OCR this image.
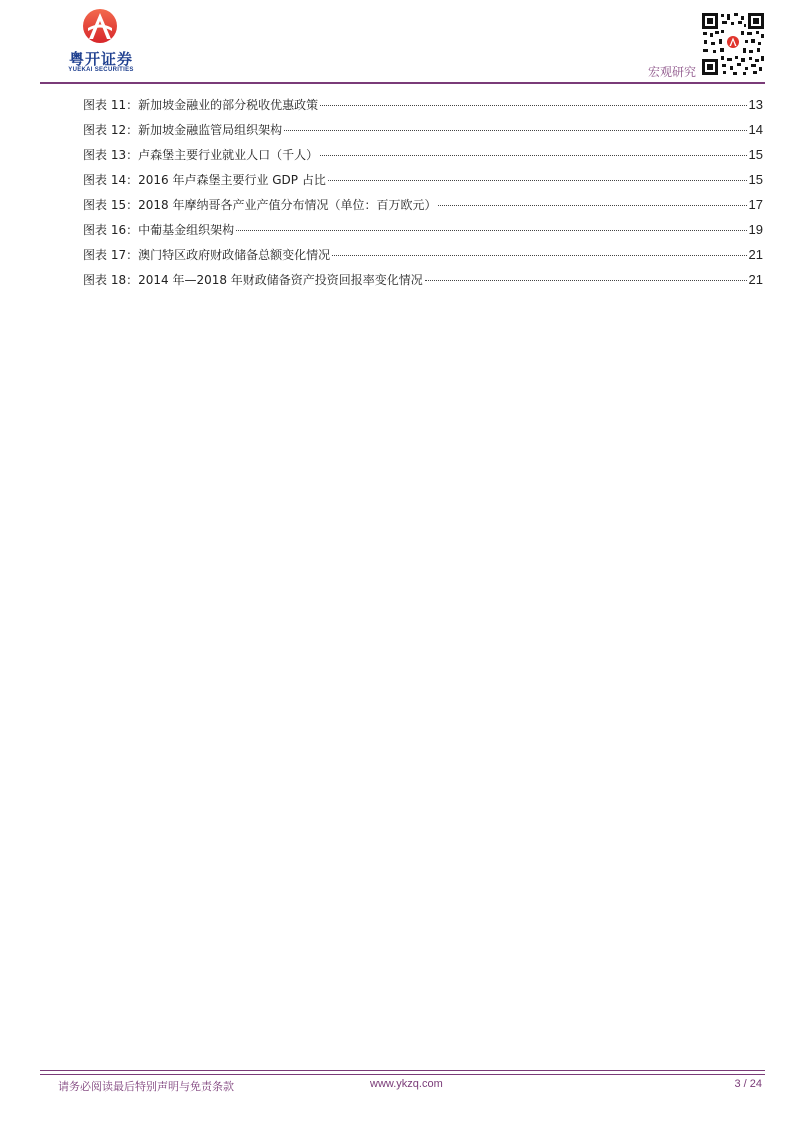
粤开证券
YUEKAI SECURITIES	宏观研究
图表 11：新加坡金融业的部分税收优惠政策	13
图表 12：新加坡金融监管局组织架构	14
图表 13：卢森堡主要行业就业人口（千人）	15
图表 14：2016 年卢森堡主要行业 GDP 占比	15
图表 15：2018 年摩纳哥各产业产值分布情况（单位：百万欧元）	17
图表 16：中葡基金组织架构	19
图表 17：澳门特区政府财政储备总额变化情况	21
图表 18：2014 年—2018 年财政储备资产投资回报率变化情况	21
请务必阅读最后特别声明与免责条款	www.ykzq.com	3 / 24
